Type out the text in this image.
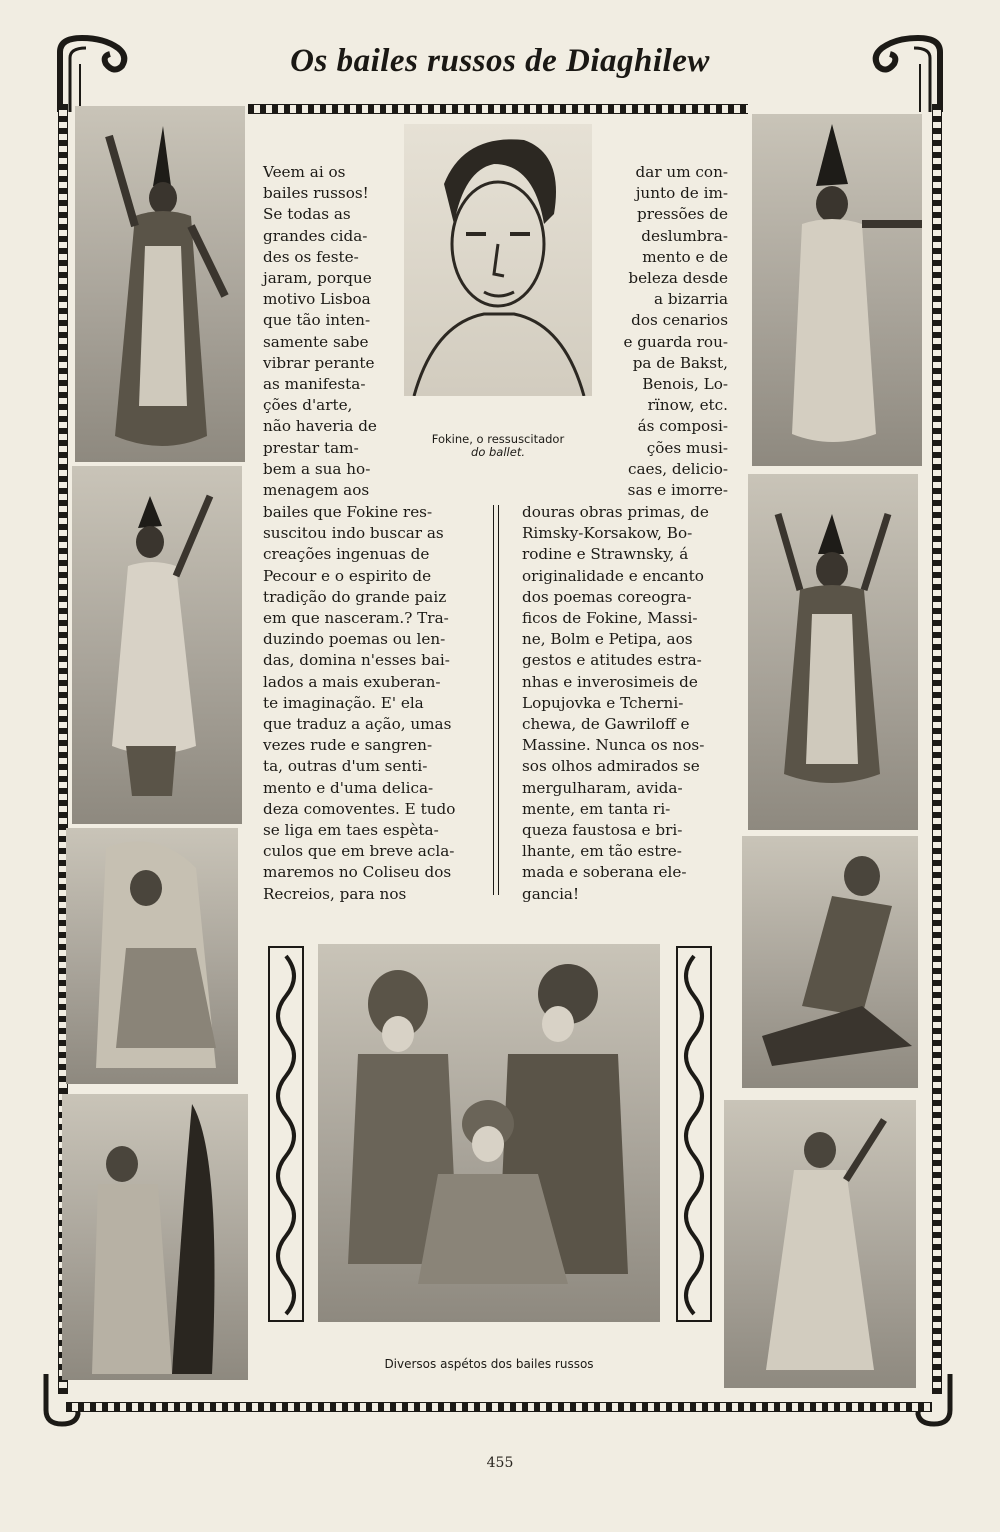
Os bailes russos de Diaghilew
Fokine, o ressuscitador
do ballet.

Veem ai os

bailes russos!

Se todas as

grandes cida-

des os feste-

jaram, porque

motivo Lisboa

que tão inten-

samente sabe

vibrar perante

as manifesta-

ções d'arte,

não haveria de

prestar tam-

bem a sua ho-

menagem aos

bailes que Fokine res-

suscitou indo buscar as

creações ingenuas de

Pecour e o espirito de

tradição do grande paiz

em que nasceram.? Tra-

duzindo poemas ou len-

das, domina n'esses bai-

lados a mais exuberan-

te imaginação. E' ela

que traduz a ação, umas

vezes rude e sangren-

ta, outras d'um senti-

mento e d'uma delica-

deza comoventes. E tudo

se liga em taes espèta-

culos que em breve acla-

maremos no Coliseu dos

Recreios, para nos

dar um con-

junto de im-

pressões de

deslumbra-

mento e de

beleza desde

a bizarria

dos cenarios

e guarda rou-

pa de Bakst,

Benois, Lo-

rïnow, etc.

ás composi-

ções musi-

caes, delicio-

sas e imorre-

douras obras primas, de

Rimsky-Korsakow, Bo-

rodine e Strawnsky, á

originalidade e encanto

dos poemas coreogra-

ficos de Fokine, Massi-

ne, Bolm e Petipa, aos

gestos e atitudes estra-

nhas e inverosimeis de

Lopujovka e Tcherni-

chewa, de Gawriloff e

Massine. Nunca os nos-

sos olhos admirados se

mergulharam, avida-

mente, em tanta ri-

queza faustosa e bri-

lhante, em tão estre-

mada e soberana ele-

gancia!

Diversos aspétos dos bailes russos
455
